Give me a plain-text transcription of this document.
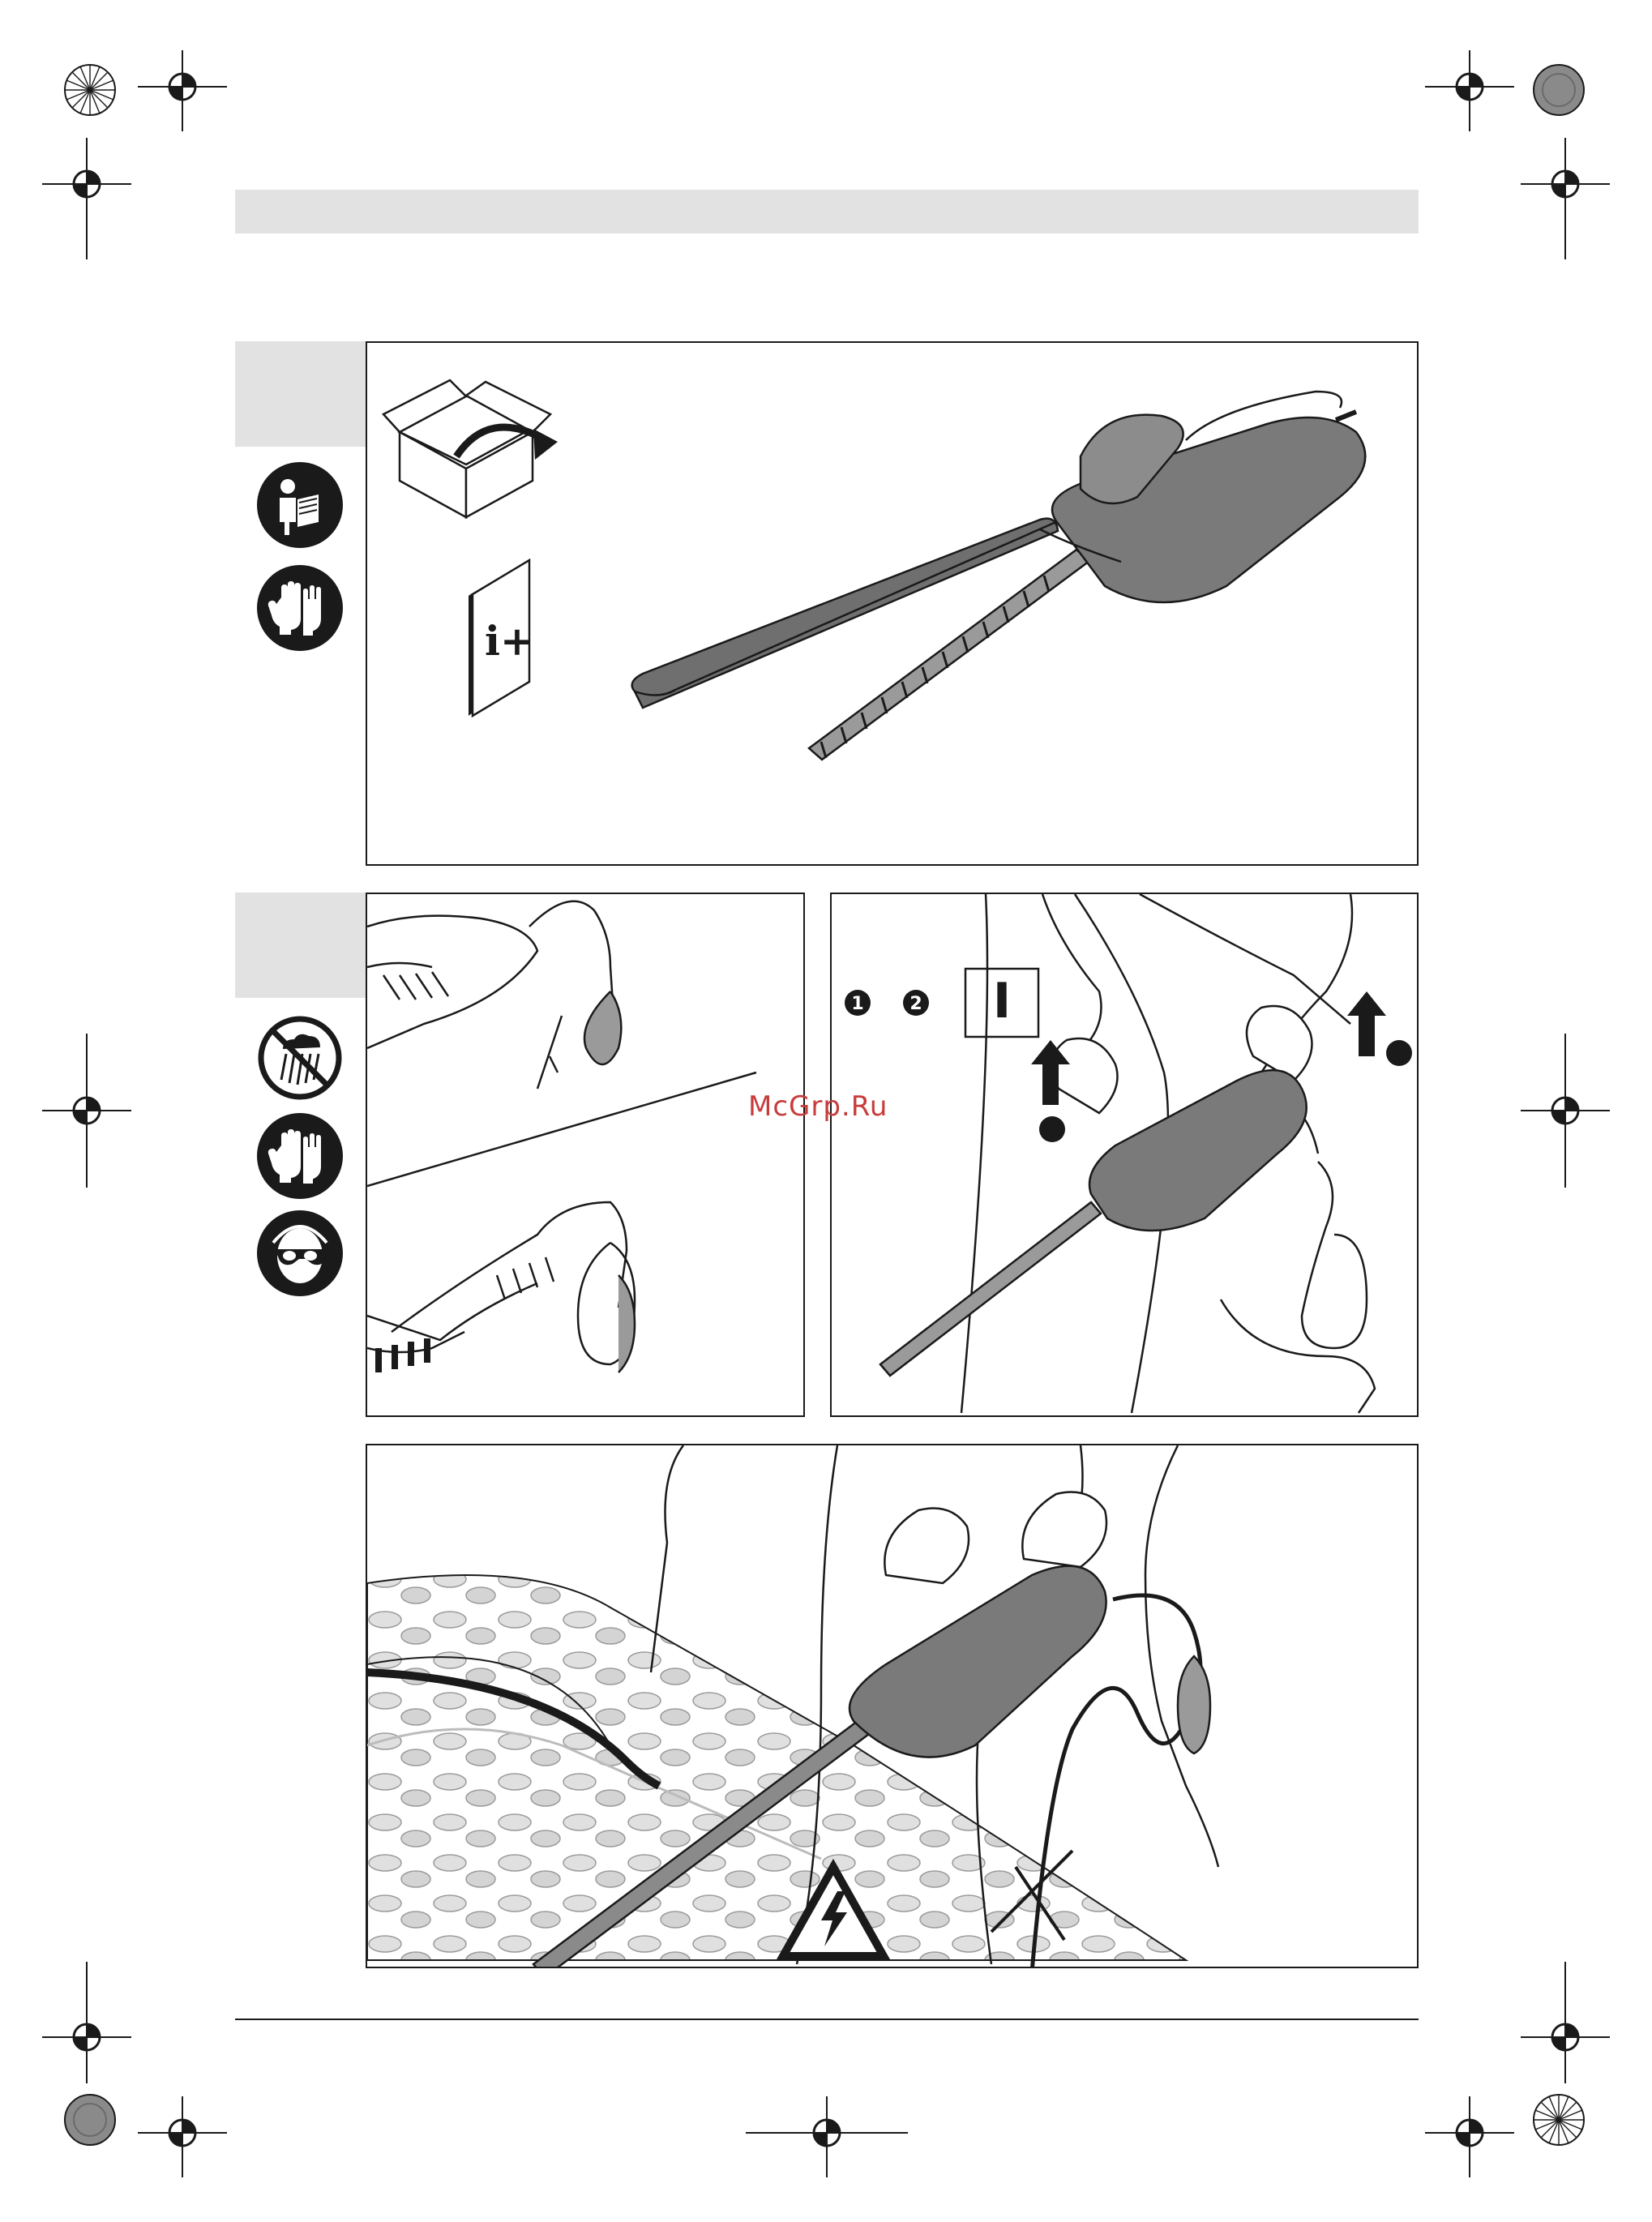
i+
1	2 I
McGrp.Ru
